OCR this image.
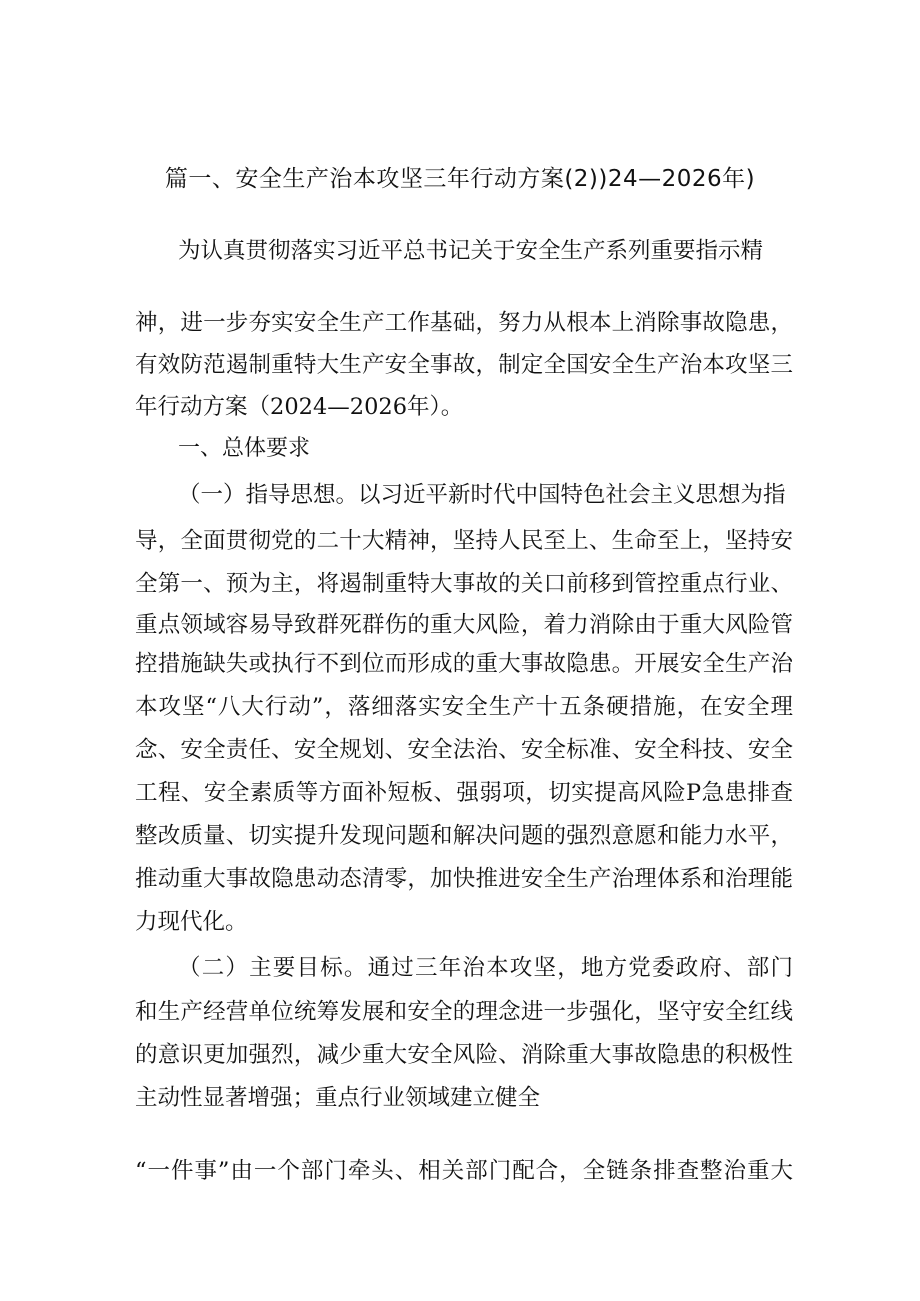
篇一、安全生产治本攻坚三年行动方案(2))24—2026年)
为认真贯彻落实习近平总书记关于安全生产系列重要指示精
神，进一步夯实安全生产工作基础，努力从根本上消除事故隐患，
有效防范遏制重特大生产安全事故，制定全国安全生产治本攻坚三
年行动方案（2024—2026年）。
一、总体要求
（一）指导思想。以习近平新时代中国特色社会主义思想为指
导，全面贯彻党的二十大精神，坚持人民至上、生命至上，坚持安
全第一、预为主，将遏制重特大事故的关口前移到管控重点行业、
重点领域容易导致群死群伤的重大风险，着力消除由于重大风险管
控措施缺失或执行不到位而形成的重大事故隐患。开展安全生产治
本攻坚“八大行动”，落细落实安全生产十五条硬措施，在安全理
念、安全责任、安全规划、安全法治、安全标准、安全科技、安全
工程、安全素质等方面补短板、强弱项，切实提高风险P急患排查
整改质量、切实提升发现问题和解决问题的强烈意愿和能力水平，
推动重大事故隐患动态清零，加快推进安全生产治理体系和治理能
力现代化。
（二）主要目标。通过三年治本攻坚，地方党委政府、部门
和生产经营单位统筹发展和安全的理念进一步强化，坚守安全红线
的意识更加强烈，减少重大安全风险、消除重大事故隐患的积极性
主动性显著增强；重点行业领域建立健全
“一件事”由一个部门牵头、相关部门配合，全链条排查整治重大
